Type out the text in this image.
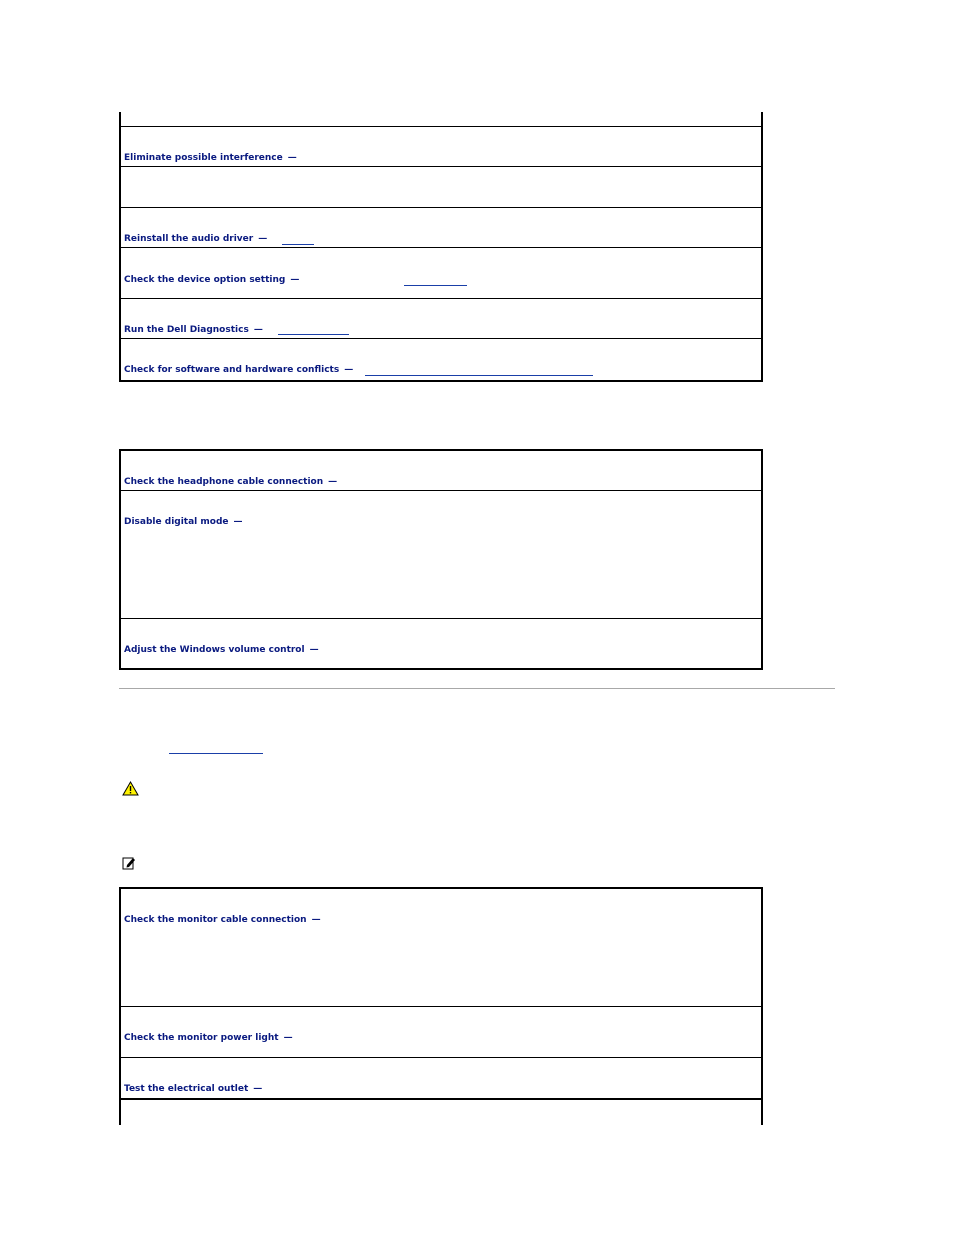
Eliminate possible interference —
Reinstall the audio driver —
Check the device option setting —
Run the Dell Diagnostics —
Check for software and hardware conflicts —
Check the headphone cable connection —
Disable digital mode —
Adjust the Windows volume control —
Check the monitor cable connection —
Check the monitor power light —
Test the electrical outlet —
